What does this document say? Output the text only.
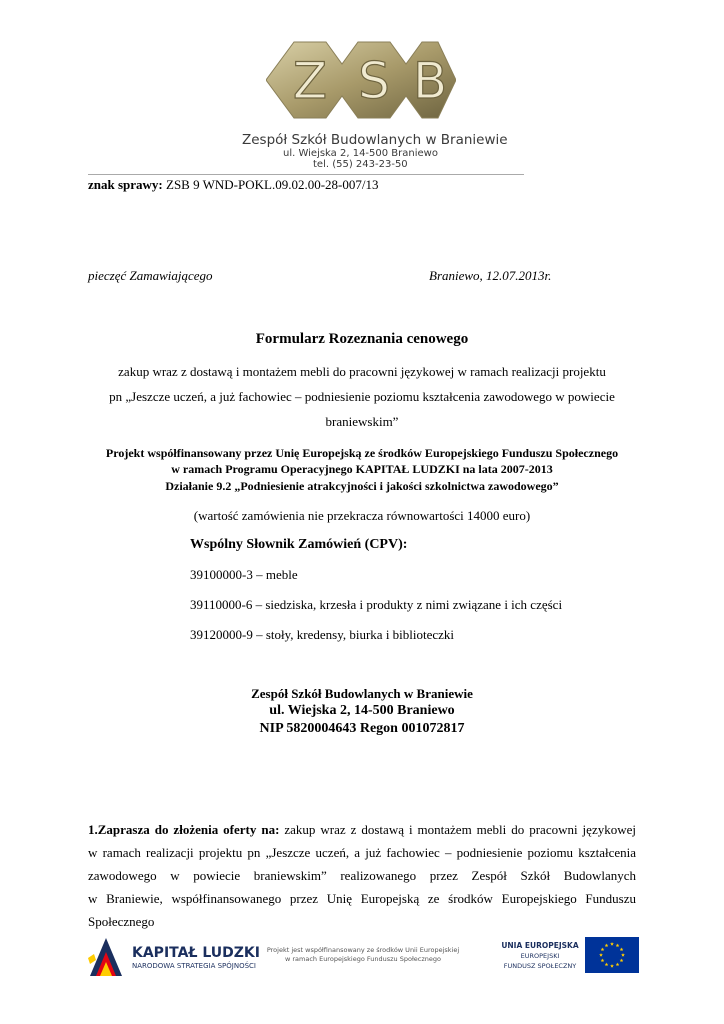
Z S B
Zespół Szkół Budowlanych w Braniewie
ul. Wiejska 2, 14-500 Braniewo
tel. (55) 243-23-50
znak sprawy: ZSB 9 WND-POKL.09.02.00-28-007/13
pieczęć Zamawiającego	Braniewo, 12.07.2013r.
Formularz Rozeznania cenowego
zakup wraz z dostawą i montażem mebli do pracowni językowej w ramach realizacji projektu
pn „Jeszcze uczeń, a już fachowiec – podniesienie poziomu kształcenia zawodowego w powiecie
braniewskim”
Projekt współfinansowany przez Unię Europejską ze środków Europejskiego Funduszu Społecznego
w ramach Programu Operacyjnego KAPITAŁ LUDZKI na lata 2007-2013
Działanie 9.2 „Podniesienie atrakcyjności i jakości szkolnictwa zawodowego”
(wartość zamówienia nie przekracza równowartości 14000 euro)
Wspólny Słownik Zamówień (CPV):
39100000-3 – meble
39110000-6 – siedziska, krzesła i produkty z nimi związane i ich części
39120000-9 – stoły, kredensy, biurka i biblioteczki
Zespół Szkół Budowlanych w Braniewie
ul. Wiejska 2, 14-500 Braniewo
NIP 5820004643 Regon 001072817
1.Zaprasza do złożenia oferty na: zakup wraz z dostawą i montażem mebli do pracowni językowej
w ramach realizacji projektu pn „Jeszcze uczeń, a już fachowiec – podniesienie poziomu kształcenia
zawodowego w powiecie braniewskim” realizowanego przez Zespół Szkół Budowlanych
w Braniewie, współfinansowanego przez Unię Europejską ze środków Europejskiego Funduszu
Społecznego
KAPITAŁ LUDZKI
NARODOWA STRATEGIA SPÓJNOŚCI
Projekt jest współfinansowany ze środków Unii Europejskiej
w ramach Europejskiego Funduszu Społecznego
UNIA EUROPEJSKA
EUROPEJSKI
FUNDUSZ SPOŁECZNY
